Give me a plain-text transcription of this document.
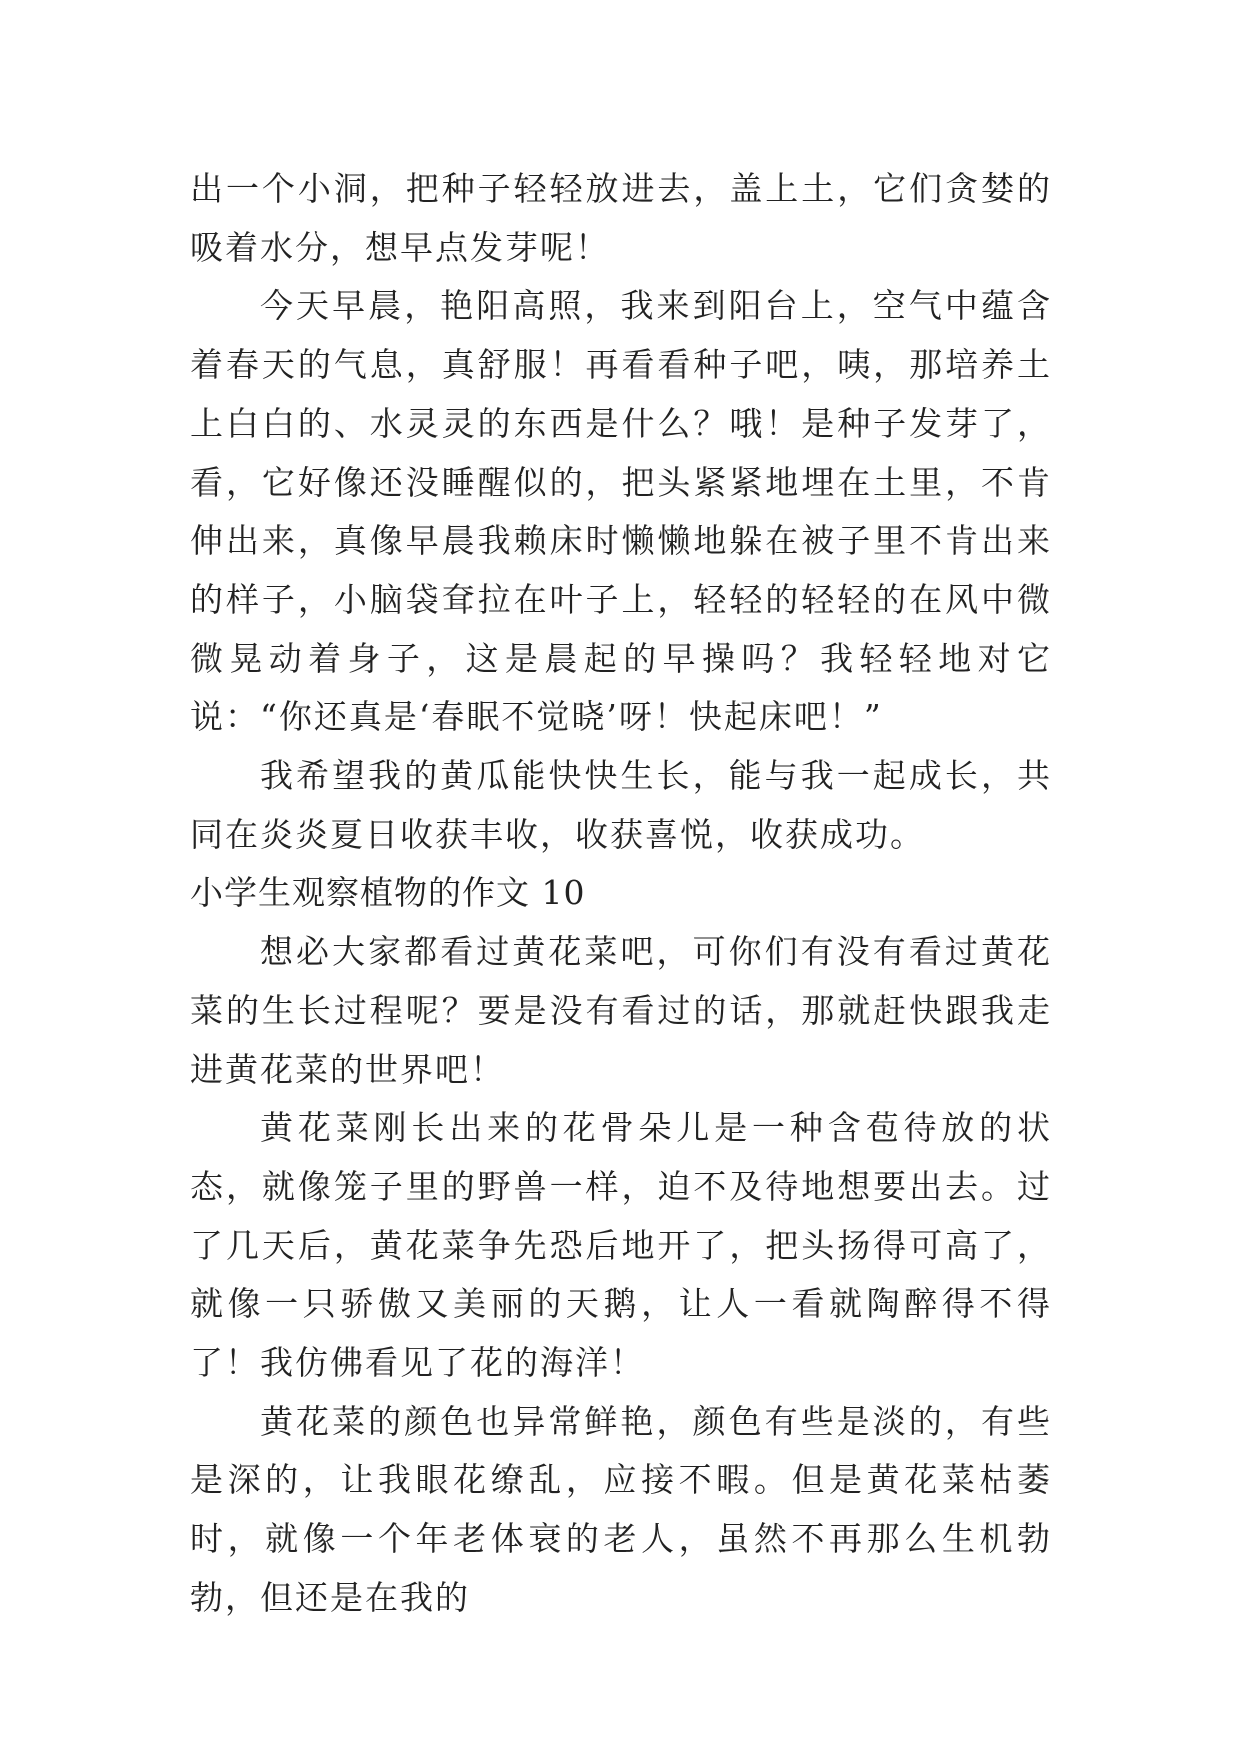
出一个小洞，把种子轻轻放进去，盖上土，它们贪婪的吸着水分，想早点发芽呢！

今天早晨，艳阳高照，我来到阳台上，空气中蕴含着春天的气息，真舒服！再看看种子吧，咦，那培养土上白白的、水灵灵的东西是什么？哦！是种子发芽了，看，它好像还没睡醒似的，把头紧紧地埋在土里，不肯伸出来，真像早晨我赖床时懒懒地躲在被子里不肯出来的样子，小脑袋耷拉在叶子上，轻轻的轻轻的在风中微微晃动着身子，这是晨起的早操吗？我轻轻地对它说：“你还真是‘春眠不觉晓’呀！快起床吧！”

我希望我的黄瓜能快快生长，能与我一起成长，共同在炎炎夏日收获丰收，收获喜悦，收获成功。

小学生观察植物的作文 10

想必大家都看过黄花菜吧，可你们有没有看过黄花菜的生长过程呢？要是没有看过的话，那就赶快跟我走进黄花菜的世界吧！

黄花菜刚长出来的花骨朵儿是一种含苞待放的状态，就像笼子里的野兽一样，迫不及待地想要出去。过了几天后，黄花菜争先恐后地开了，把头扬得可高了，就像一只骄傲又美丽的天鹅，让人一看就陶醉得不得了！我仿佛看见了花的海洋！

黄花菜的颜色也异常鲜艳，颜色有些是淡的，有些是深的，让我眼花缭乱，应接不暇。但是黄花菜枯萎时，就像一个年老体衰的老人，虽然不再那么生机勃勃，但还是在我的
